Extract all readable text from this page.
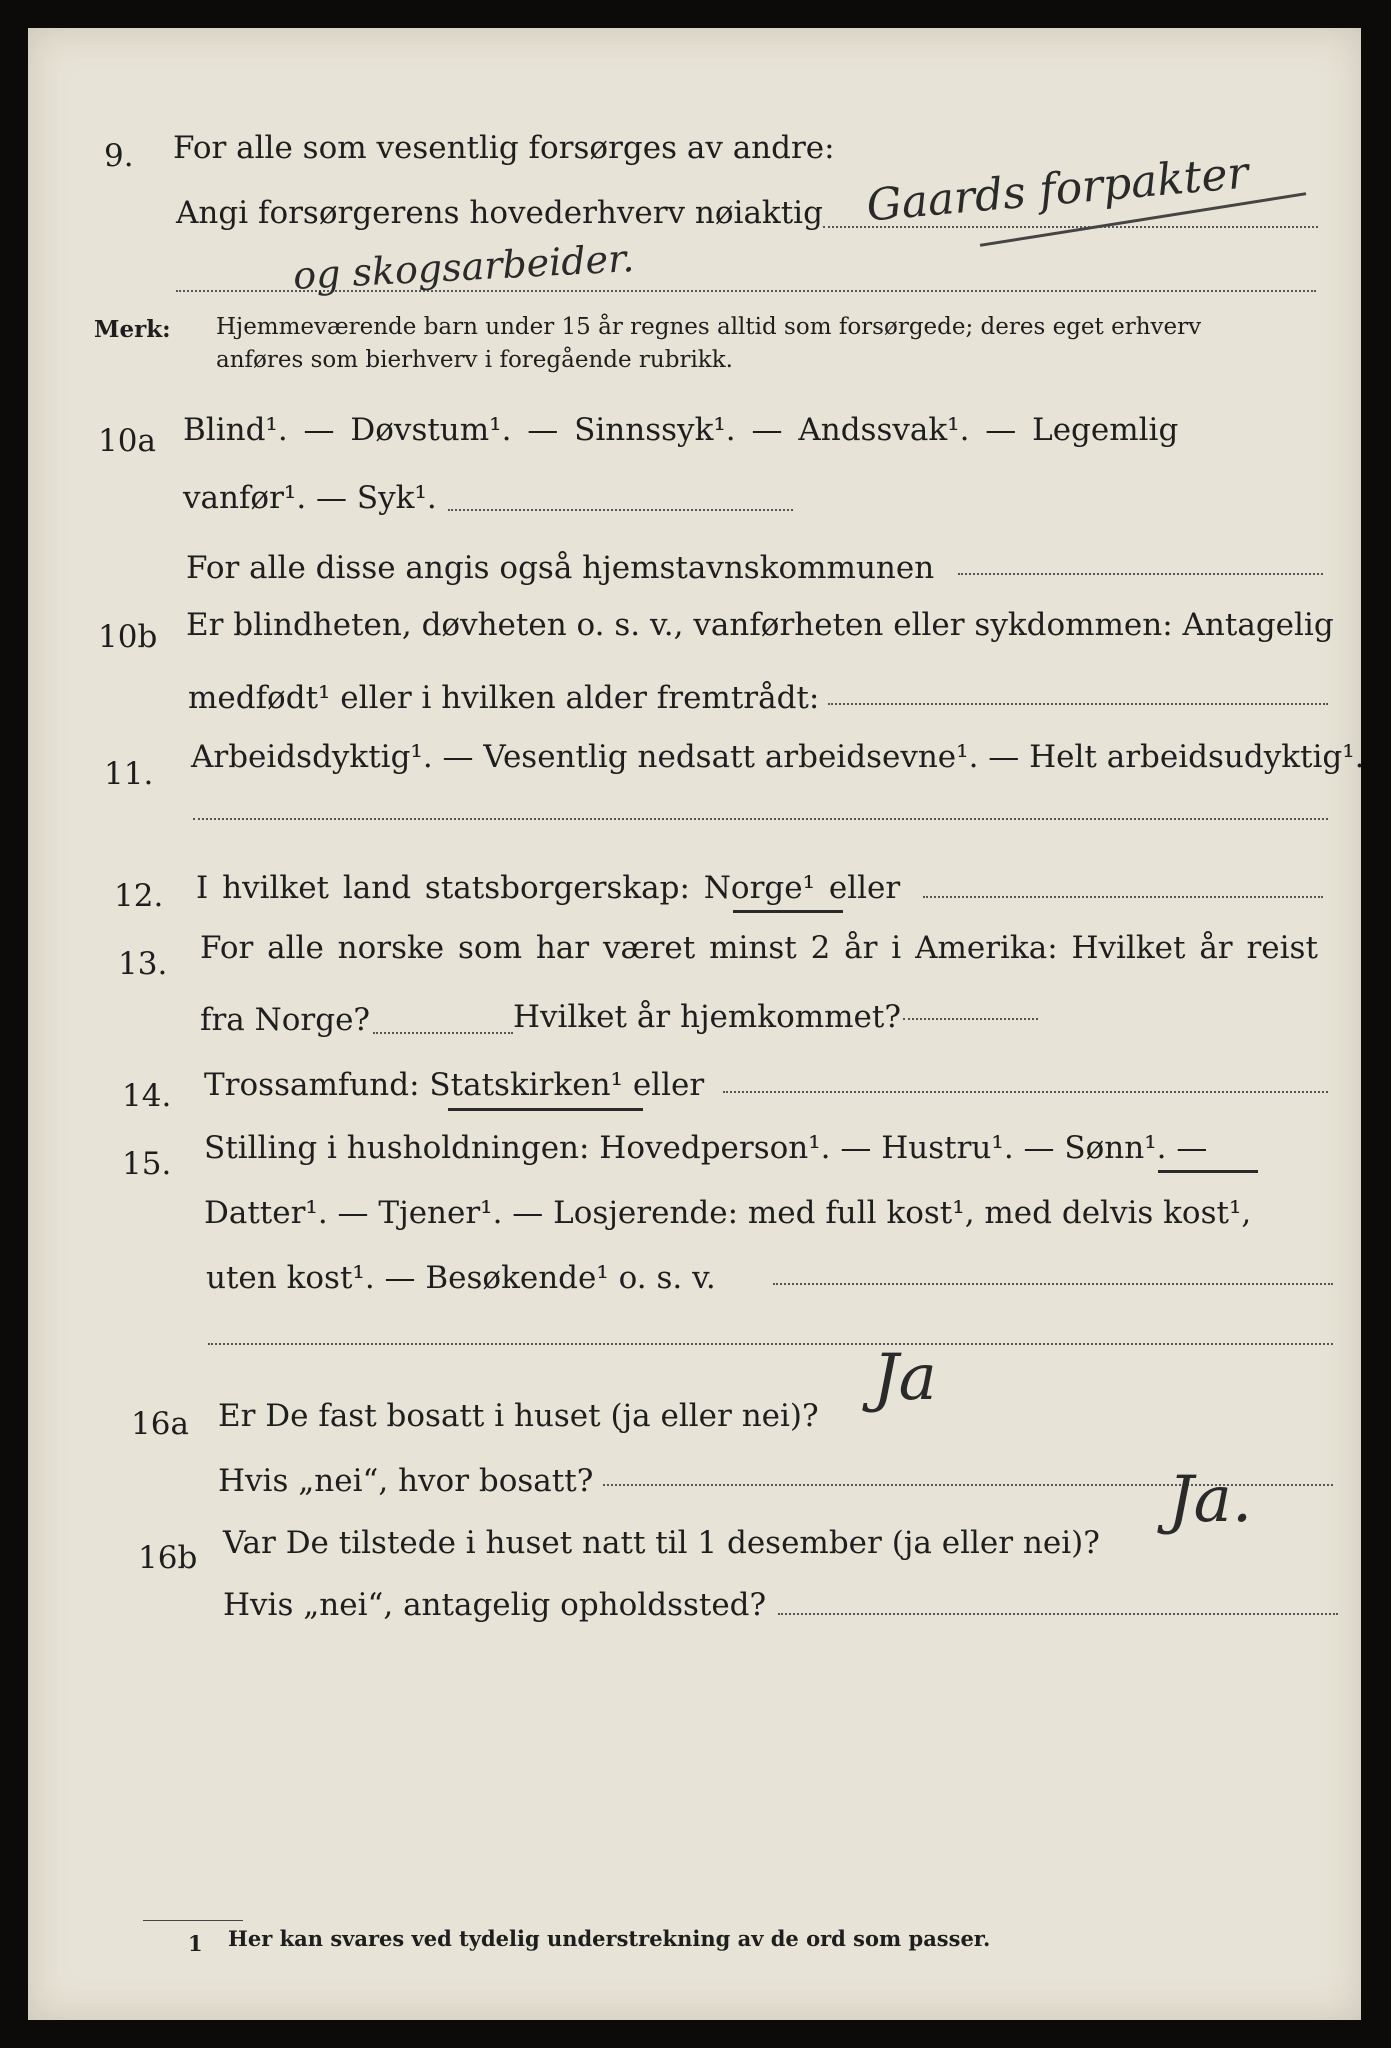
9. For alle som vesentlig forsørges av andre:
Angi forsørgerens hovederhverv nøiaktig Gaards forpakter
og skogsarbeider.
Merk: Hjemmeværende barn under 15 år regnes alltid som forsørgede; deres eget erhverv
anføres som bierhverv i foregående rubrikk.
10a Blind¹. — Døvstum¹. — Sinnssyk¹. — Andssvak¹. — Legemlig
vanfør¹. — Syk¹.
For alle disse angis også hjemstavnskommunen
10b Er blindheten, døvheten o. s. v., vanførheten eller sykdommen: Antagelig
medfødt¹ eller i hvilken alder fremtrådt:
11. Arbeidsdyktig¹. — Vesentlig nedsatt arbeidsevne¹. — Helt arbeidsudyktig¹.
12. I hvilket land statsborgerskap: Norge¹ eller
13. For alle norske som har været minst 2 år i Amerika: Hvilket år reist
fra Norge?	Hvilket år hjemkommet?
14. Trossamfund: Statskirken¹ eller
15. Stilling i husholdningen: Hovedperson¹. — Hustru¹. — Sønn¹. —
Datter¹. — Tjener¹. — Losjerende: med full kost¹, med delvis kost¹,
uten kost¹. — Besøkende¹ o. s. v.
16a Er De fast bosatt i huset (ja eller nei)?
Ja
Hvis „nei“, hvor bosatt?
16b Var De tilstede i huset natt til 1 desember (ja eller nei)?
Ja.
Hvis „nei“, antagelig opholdssted?
1 Her kan svares ved tydelig understrekning av de ord som passer.
